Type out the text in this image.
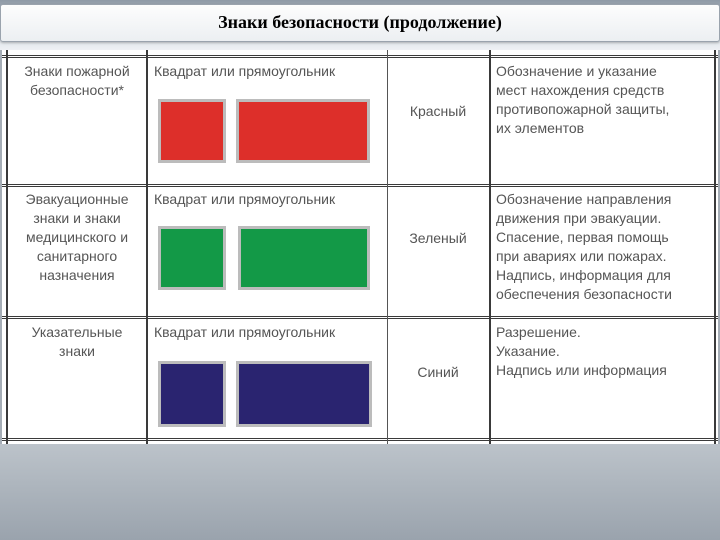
Знаки безопасности (продолжение)
Знаки пожарной
безопасности*
Квадрат или прямоугольник
Красный
Обозначение и указание
мест нахождения средств
противопожарной защиты,
их элементов
Эвакуационные
знаки и знаки
медицинского и
санитарного
назначения
Квадрат или прямоугольник
Зеленый
Обозначение направления
движения при эвакуации.
Спасение, первая помощь
при авариях или пожарах.
Надпись, информация для
обеспечения безопасности
Указательные
знаки
Квадрат или прямоугольник
Синий
Разрешение.
Указание.
Надпись или информация
